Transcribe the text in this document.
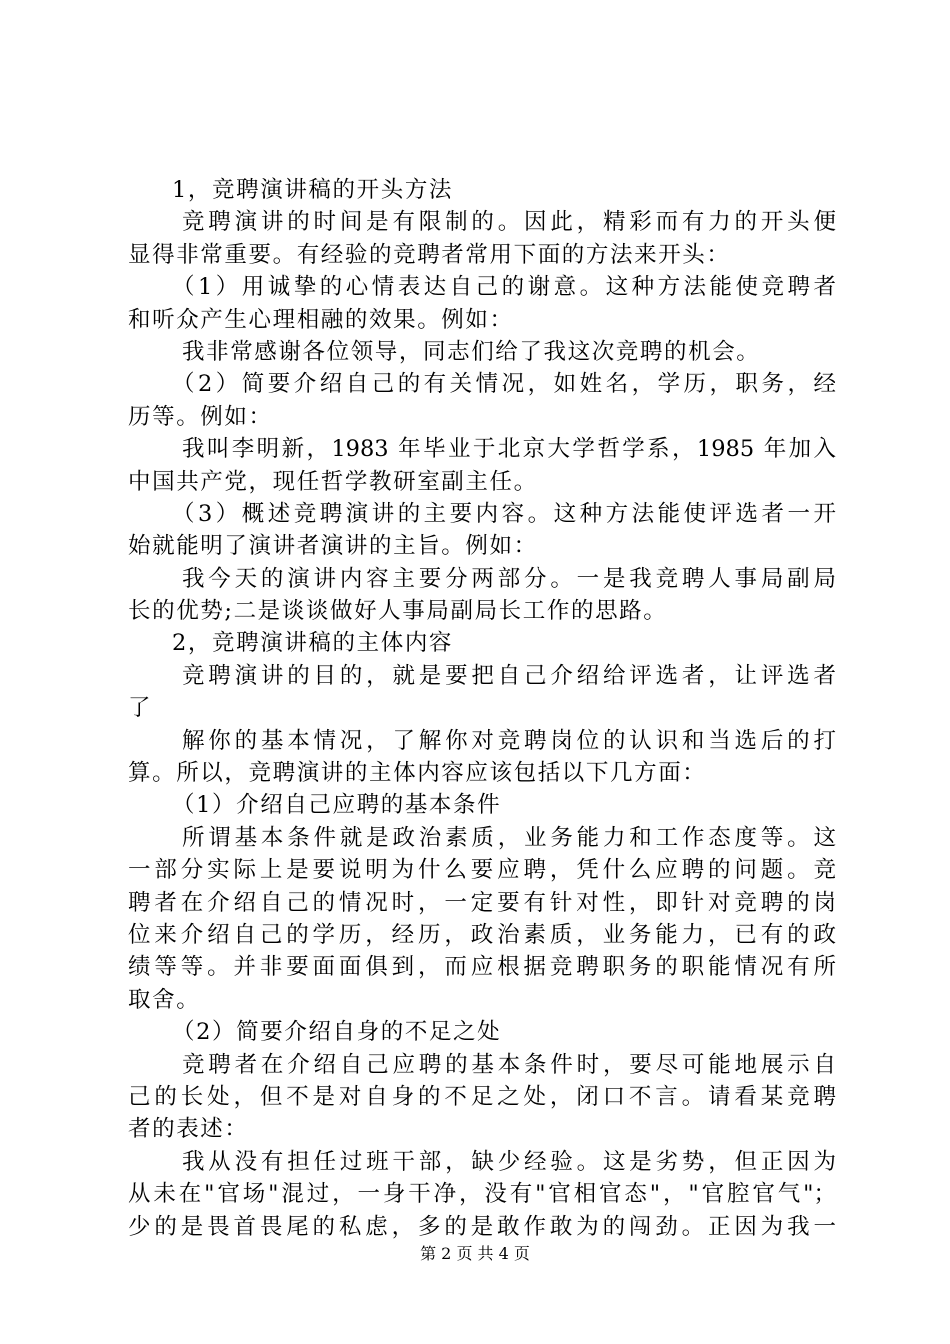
1，竞聘演讲稿的开头方法
竞聘演讲的时间是有限制的。因此，精彩而有力的开头便
显得非常重要。有经验的竞聘者常用下面的方法来开头：
（1）用诚挚的心情表达自己的谢意。这种方法能使竞聘者
和听众产生心理相融的效果。例如：
我非常感谢各位领导，同志们给了我这次竞聘的机会。
（2）简要介绍自己的有关情况，如姓名，学历，职务，经
历等。例如：
我叫李明新，1983 年毕业于北京大学哲学系，1985 年加入
中国共产党，现任哲学教研室副主任。
（3）概述竞聘演讲的主要内容。这种方法能使评选者一开
始就能明了演讲者演讲的主旨。例如：
我今天的演讲内容主要分两部分。一是我竞聘人事局副局
长的优势;二是谈谈做好人事局副局长工作的思路。
2，竞聘演讲稿的主体内容
竞聘演讲的目的，就是要把自己介绍给评选者，让评选者
了
解你的基本情况，了解你对竞聘岗位的认识和当选后的打
算。所以，竞聘演讲的主体内容应该包括以下几方面：
（1）介绍自己应聘的基本条件
所谓基本条件就是政治素质，业务能力和工作态度等。这
一部分实际上是要说明为什么要应聘，凭什么应聘的问题。竞
聘者在介绍自己的情况时，一定要有针对性，即针对竞聘的岗
位来介绍自己的学历，经历，政治素质，业务能力，已有的政
绩等等。并非要面面俱到，而应根据竞聘职务的职能情况有所
取舍。
（2）简要介绍自身的不足之处
竞聘者在介绍自己应聘的基本条件时，要尽可能地展示自
己的长处，但不是对自身的不足之处，闭口不言。请看某竞聘
者的表述：
我从没有担任过班干部，缺少经验。这是劣势，但正因为
从未在"官场"混过，一身干净，没有"官相官态"，"官腔官气"；
少的是畏首畏尾的私虑，多的是敢作敢为的闯劲。正因为我一
第 2 页 共 4 页
